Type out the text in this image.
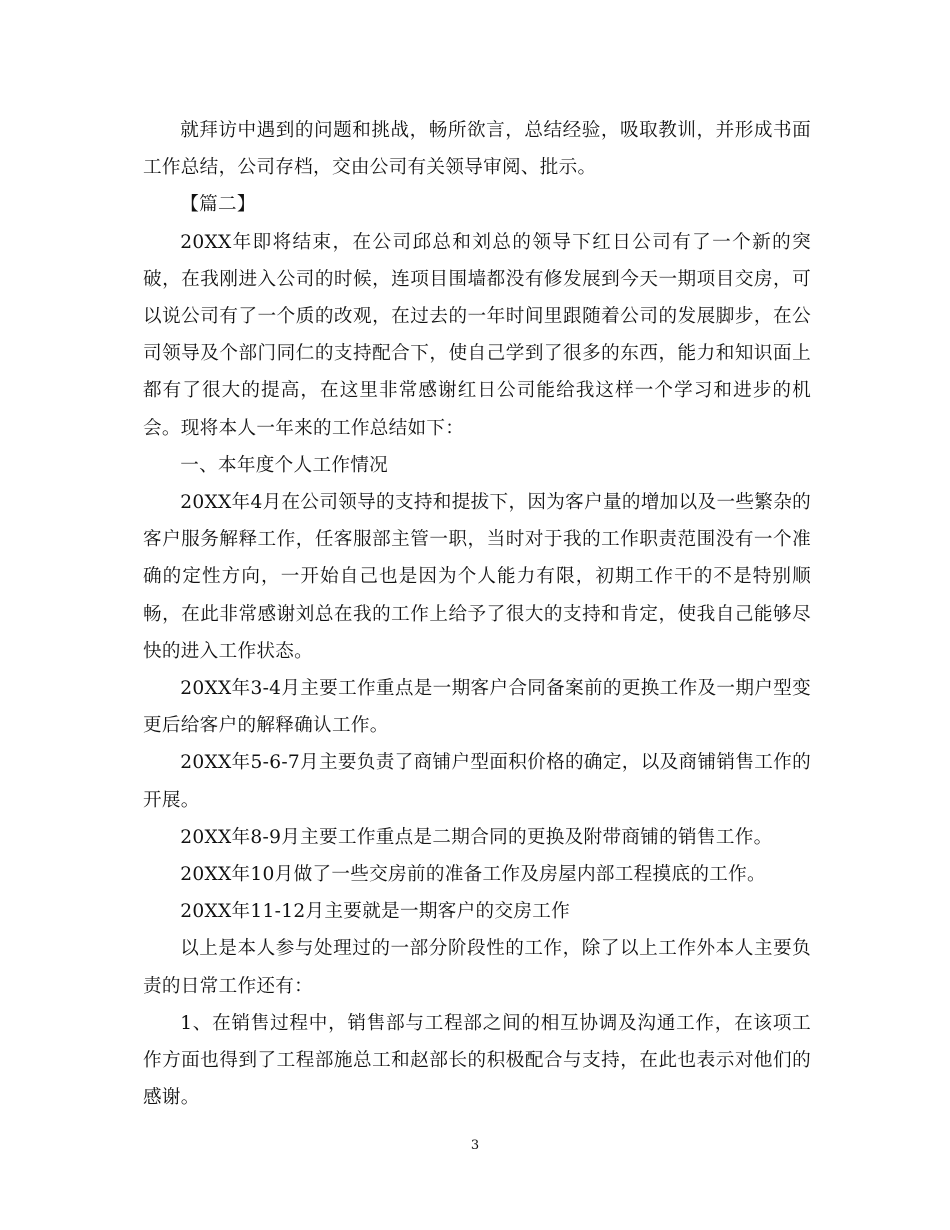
就拜访中遇到的问题和挑战，畅所欲言，总结经验，吸取教训，并形成书面工作总结，公司存档，交由公司有关领导审阅、批示。

【篇二】

20XX年即将结束，在公司邱总和刘总的领导下红日公司有了一个新的突破，在我刚进入公司的时候，连项目围墙都没有修发展到今天一期项目交房，可以说公司有了一个质的改观，在过去的一年时间里跟随着公司的发展脚步，在公司领导及个部门同仁的支持配合下，使自己学到了很多的东西，能力和知识面上都有了很大的提高，在这里非常感谢红日公司能给我这样一个学习和进步的机会。现将本人一年来的工作总结如下：

一、本年度个人工作情况

20XX年4月在公司领导的支持和提拔下，因为客户量的增加以及一些繁杂的客户服务解释工作，任客服部主管一职，当时对于我的工作职责范围没有一个准确的定性方向，一开始自己也是因为个人能力有限，初期工作干的不是特别顺畅，在此非常感谢刘总在我的工作上给予了很大的支持和肯定，使我自己能够尽快的进入工作状态。

20XX年3-4月主要工作重点是一期客户合同备案前的更换工作及一期户型变更后给客户的解释确认工作。

20XX年5-6-7月主要负责了商铺户型面积价格的确定，以及商铺销售工作的开展。

20XX年8-9月主要工作重点是二期合同的更换及附带商铺的销售工作。

20XX年10月做了一些交房前的准备工作及房屋内部工程摸底的工作。

20XX年11-12月主要就是一期客户的交房工作

以上是本人参与处理过的一部分阶段性的工作，除了以上工作外本人主要负责的日常工作还有：

1、在销售过程中，销售部与工程部之间的相互协调及沟通工作，在该项工作方面也得到了工程部施总工和赵部长的积极配合与支持，在此也表示对他们的感谢。

3
